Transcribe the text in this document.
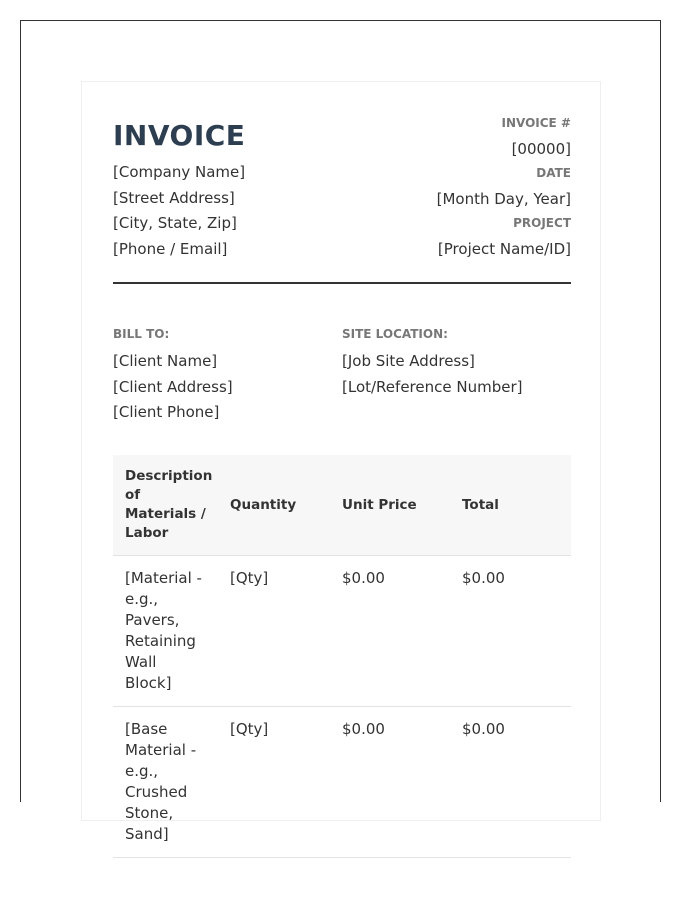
INVOICE
[Company Name]
[Street Address]
[City, State, Zip]
[Phone / Email]
INVOICE #
[00000]
DATE
[Month Day, Year]
PROJECT
[Project Name/ID]
BILL TO:
[Client Name]
[Client Address]
[Client Phone]
SITE LOCATION:
[Job Site Address]
[Lot/Reference Number]
Description of Materials / Labor	Quantity	Unit Price	Total
[Material - e.g., Pavers, Retaining Wall Block]	[Qty]	$0.00	$0.00
[Base Material - e.g., Crushed Stone, Sand]	[Qty]	$0.00	$0.00
